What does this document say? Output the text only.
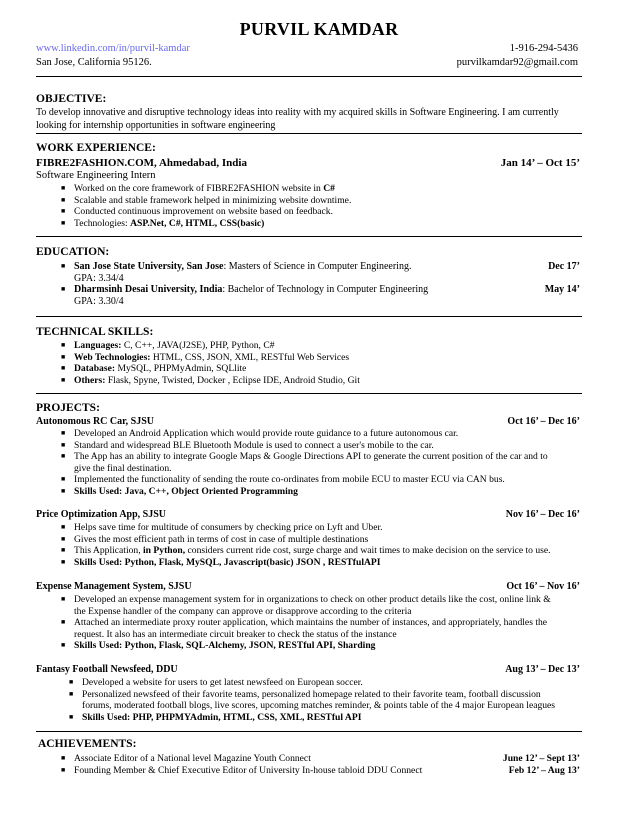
PURVIL KAMDAR
www.linkedin.com/in/purvil-kamdar	1-916-294-5436
San Jose, California 95126.	purvilkamdar92@gmail.com
OBJECTIVE:
To develop innovative and disruptive technology ideas into reality with my acquired skills in Software Engineering. I am currently
looking for internship opportunities in software engineering
WORK EXPERIENCE:
FIBRE2FASHION.COM, Ahmedabad, India	Jan 14’ – Oct 15’
Software Engineering Intern
■ Worked on the core framework of FIBRE2FASHION website in C#
■ Scalable and stable framework helped in minimizing website downtime.
■ Conducted continuous improvement on website based on feedback.
■ Technologies: ASP.Net, C#, HTML, CSS(basic)
EDUCATION:
■ San Jose State University, San Jose: Masters of Science in Computer Engineering.	Dec 17’
GPA: 3.34/4
■ Dharmsinh Desai University, India: Bachelor of Technology in Computer Engineering	May 14’
GPA: 3.30/4
TECHNICAL SKILLS:
■ Languages: C, C++, JAVA(J2SE), PHP, Python, C#
■ Web Technologies: HTML, CSS, JSON, XML, RESTful Web Services
■ Database: MySQL, PHPMyAdmin, SQLlite
■ Others: Flask, Spyne, Twisted, Docker , Eclipse IDE, Android Studio, Git
PROJECTS:
Autonomous RC Car, SJSU	Oct 16’ – Dec 16’
■ Developed an Android Application which would provide route guidance to a future autonomous car.
■ Standard and widespread BLE Bluetooth Module is used to connect a user's mobile to the car.
■ The App has an ability to integrate Google Maps & Google Directions API to generate the current position of the car and to
give the final destination.
■ Implemented the functionality of sending the route co-ordinates from mobile ECU to master ECU via CAN bus.
■ Skills Used: Java, C++, Object Oriented Programming
Price Optimization App, SJSU	Nov 16’ – Dec 16’
■ Helps save time for multitude of consumers by checking price on Lyft and Uber.
■ Gives the most efficient path in terms of cost in case of multiple destinations
■ This Application, in Python, considers current ride cost, surge charge and wait times to make decision on the service to use.
■ Skills Used: Python, Flask, MySQL, Javascript(basic) JSON , RESTfulAPI
Expense Management System, SJSU	Oct 16’ – Nov 16’
■ Developed an expense management system for in organizations to check on other product details like the cost, online link &
the Expense handler of the company can approve or disapprove according to the criteria
■ Attached an intermediate proxy router application, which maintains the number of instances, and appropriately, handles the
request. It also has an intermediate circuit breaker to check the status of the instance
■ Skills Used: Python, Flask, SQL-Alchemy, JSON, RESTful API, Sharding
Fantasy Football Newsfeed, DDU	Aug 13’ – Dec 13’
■ Developed a website for users to get latest newsfeed on European soccer.
■ Personalized newsfeed of their favorite teams, personalized homepage related to their favorite team, football discussion
forums, moderated football blogs, live scores, upcoming matches reminder, & points table of the 4 major European leagues
■ Skills Used: PHP, PHPMYAdmin, HTML, CSS, XML, RESTful API
ACHIEVEMENTS:
■ Associate Editor of a National level Magazine Youth Connect	June 12’ – Sept 13’
■ Founding Member & Chief Executive Editor of University In-house tabloid DDU Connect	Feb 12’ – Aug 13’
